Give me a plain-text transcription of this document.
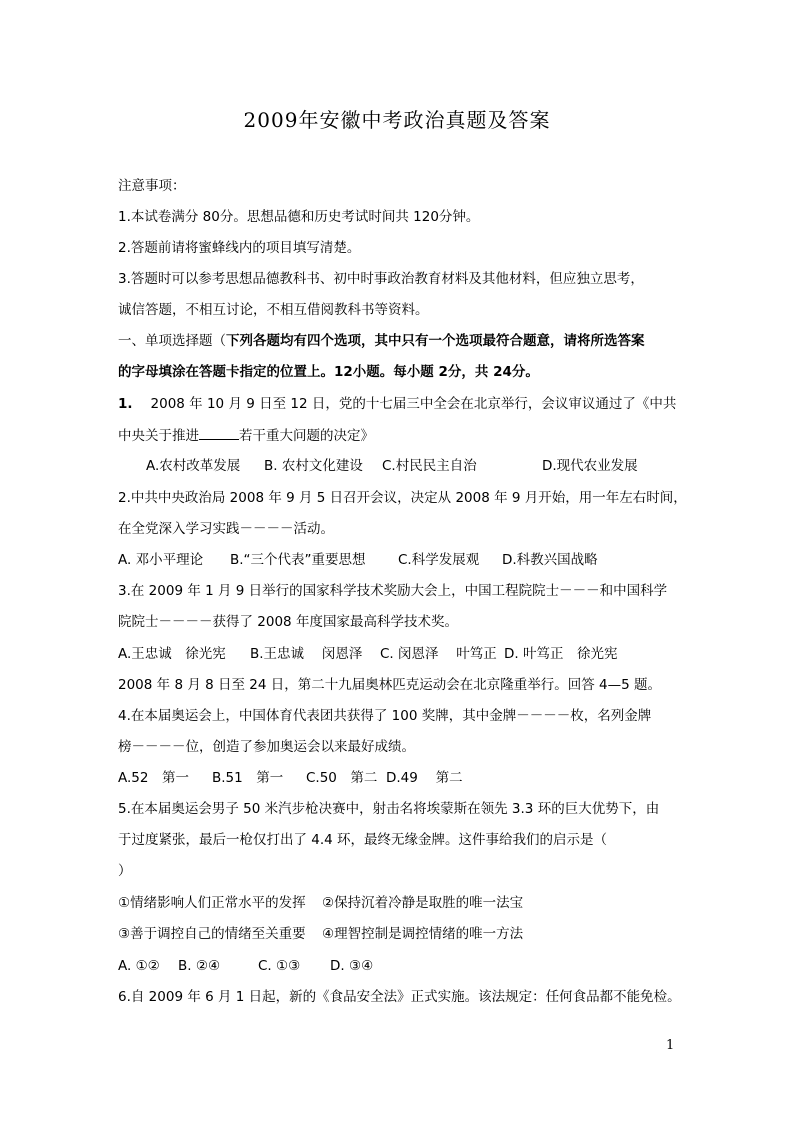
2009年安徽中考政治真题及答案
注意事项：
1.本试卷满分 80分。思想品德和历史考试时间共 120分钟。
2.答题前请将蜜蜂线内的项目填写清楚。
3.答题时可以参考思想品德教科书、初中时事政治教育材料及其他材料，但应独立思考，
诚信答题，不相互讨论，不相互借阅教科书等资料。
一、单项选择题（下列各题均有四个选项，其中只有一个选项最符合题意，请将所选答案
的字母填涂在答题卡指定的位置上。12小题。每小题 2分，共 24分。
1. 2008 年 10 月 9 日至 12 日，党的十七届三中全会在北京举行，会议审议通过了《中共
中央关于推进	若干重大问题的决定》
A.农村改革发展 B. 农村文化建设 C.村民民主自治	D.现代农业发展
2.中共中央政治局 2008 年 9 月 5 日召开会议，决定从 2008 年 9 月开始，用一年左右时间，
在全党深入学习实践－－－－活动。
A. 邓小平理论 B.“三个代表”重要思想 C.科学发展观 D.科教兴国战略
3.在 2009 年 1 月 9 日举行的国家科学技术奖励大会上，中国工程院院士－－－和中国科学
院院士－－－－获得了 2008 年度国家最高科学技术奖。
A.王忠诚　徐光宪 B.王忠诚　 闵恩泽 C. 闵恩泽　 叶笃正 D. 叶笃正　徐光宪
2008 年 8 月 8 日至 24 日，第二十九届奥林匹克运动会在北京隆重举行。回答 4—5 题。
4.在本届奥运会上，中国体育代表团共获得了 100 奖牌，其中金牌－－－－枚，名列金牌
榜－－－－位，创造了参加奥运会以来最好成绩。
A.52　第一 B.51　第一 C.50　第二 D.49　 第二
5.在本届奥运会男子 50 米汽步枪决赛中，射击名将埃蒙斯在领先 3.3 环的巨大优势下，由
于过度紧张，最后一枪仅打出了 4.4 环，最终无缘金牌。这件事给我们的启示是（
）
①情绪影响人们正常水平的发挥 ②保持沉着冷静是取胜的唯一法宝
③善于调控自己的情绪至关重要 ④理智控制是调控情绪的唯一方法
A. ①② B. ②④	C. ①③ D. ③④
6.自 2009 年 6 月 1 日起，新的《食品安全法》正式实施。该法规定：任何食品都不能免检。
1
